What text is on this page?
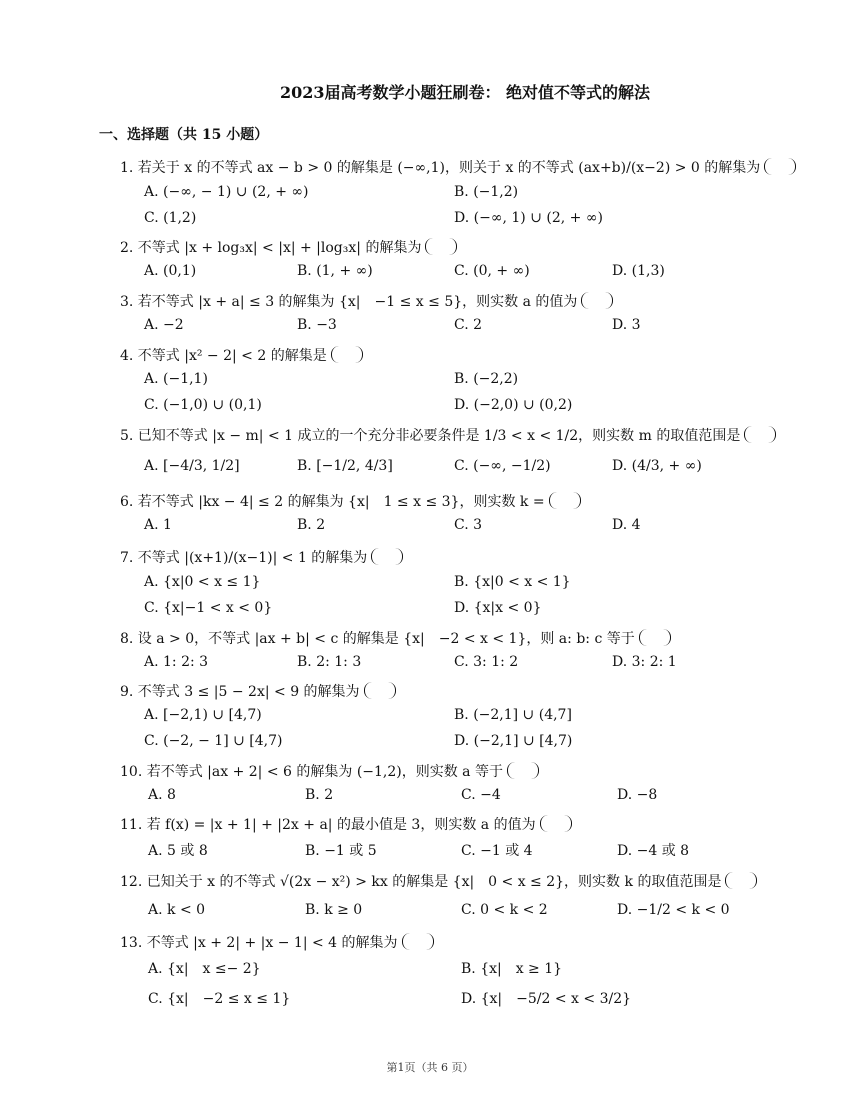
2023届高考数学小题狂刷卷： 绝对值不等式的解法
一、选择题（共 15 小题）
1. 若关于 x 的不等式 ax − b > 0 的解集是 (−∞,1)，则关于 x 的不等式 (ax+b)/(x−2) > 0 的解集为
A. (−∞, − 1) ∪ (2, + ∞)	B. (−1,2)
C. (1,2)	D. (−∞, 1) ∪ (2, + ∞)
2. 不等式 |x + log₃x| < |x| + |log₃x| 的解集为
A. (0,1)	B. (1, + ∞)	C. (0, + ∞)	D. (1,3)
3. 若不等式 |x + a| ≤ 3 的解集为 {x|　−1 ≤ x ≤ 5}，则实数 a 的值为
A. −2	B. −3	C. 2	D. 3
4. 不等式 |x² − 2| < 2 的解集是
A. (−1,1)	B. (−2,2)
C. (−1,0) ∪ (0,1)	D. (−2,0) ∪ (0,2)
5. 已知不等式 |x − m| < 1 成立的一个充分非必要条件是 1/3 < x < 1/2，则实数 m 的取值范围是
A. [−4/3, 1/2]	B. [−1/2, 4/3]	C. (−∞, −1/2)	D. (4/3, + ∞)
6. 若不等式 |kx − 4| ≤ 2 的解集为 {x|　1 ≤ x ≤ 3}，则实数 k =
A. 1	B. 2	C. 3	D. 4
7. 不等式 |(x+1)/(x−1)| < 1 的解集为
A. {x|0 < x ≤ 1}	B. {x|0 < x < 1}
C. {x|−1 < x < 0}	D. {x|x < 0}
8. 设 a > 0，不等式 |ax + b| < c 的解集是 {x|　−2 < x < 1}，则 a: b: c 等于
A. 1: 2: 3	B. 2: 1: 3	C. 3: 1: 2	D. 3: 2: 1
9. 不等式 3 ≤ |5 − 2x| < 9 的解集为
A. [−2,1) ∪ [4,7)	B. (−2,1] ∪ (4,7]
C. (−2, − 1] ∪ [4,7)	D. (−2,1] ∪ [4,7)
10. 若不等式 |ax + 2| < 6 的解集为 (−1,2)，则实数 a 等于
A. 8	B. 2	C. −4	D. −8
11. 若 f(x) = |x + 1| + |2x + a| 的最小值是 3，则实数 a 的值为
A. 5 或 8	B. −1 或 5	C. −1 或 4	D. −4 或 8
12. 已知关于 x 的不等式 √(2x − x²) > kx 的解集是 {x|　0 < x ≤ 2}，则实数 k 的取值范围是
A. k < 0	B. k ≥ 0	C. 0 < k < 2	D. −1/2 < k < 0
13. 不等式 |x + 2| + |x − 1| < 4 的解集为
A. {x|　x ≤− 2}	B. {x|　x ≥ 1}
C. {x|　−2 ≤ x ≤ 1}	D. {x|　−5/2 < x < 3/2}
第1页（共 6 页）
